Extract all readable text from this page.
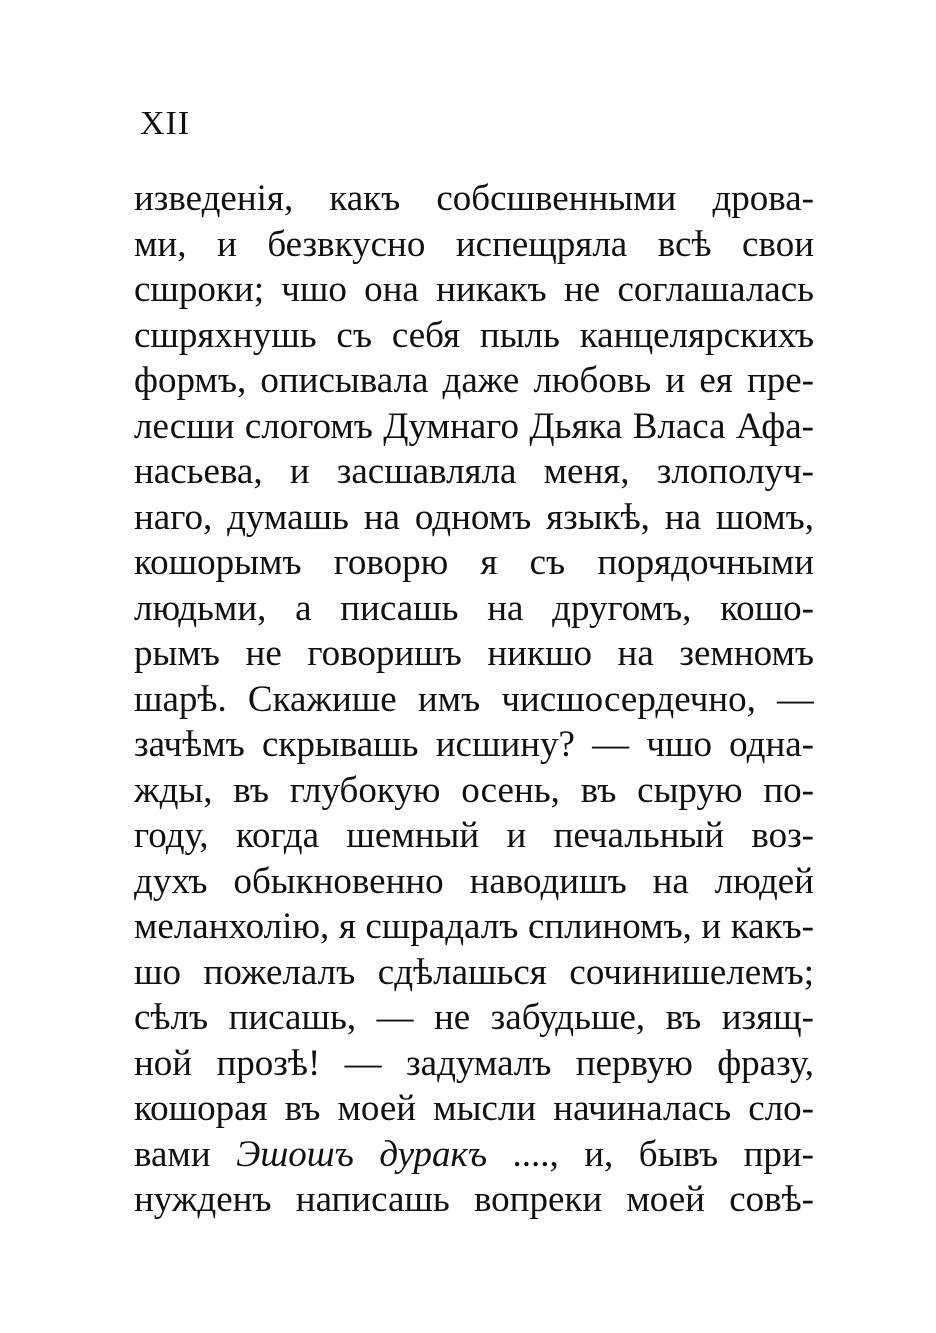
XII
изведенія, какъ собсшвенными дрова-
ми, и безвкусно испещряла всѣ свои
сшроки; чшо она никакъ не соглашалась
сшряхнушь съ себя пыль канцелярскихъ
формъ, описывала даже любовь и ея пре-
лесши слогомъ Думнаго Дьяка Власа Афа-
насьева, и засшавляла меня, злополуч-
наго, думашь на одномъ языкѣ, на шомъ,
кошорымъ говорю я съ порядочными
людьми, а писашь на другомъ, кошо-
рымъ не говоришъ никшо на земномъ
шарѣ. Скажише имъ чисшосердечно, —
зачѣмъ скрывашь исшину? — чшо одна-
жды, въ глубокую осень, въ сырую по-
году, когда шемный и печальный воз-
духъ обыкновенно наводишъ на людей
меланхолію, я сшрадалъ сплиномъ, и какъ-
шо пожелалъ сдѣлашься сочинишелемъ;
сѣлъ писашь, — не забудьше, въ изящ-
ной прозѣ! — задумалъ первую фразу,
кошорая въ моей мысли начиналась сло-
вами Эшошъ дуракъ ...., и, бывъ при-
нужденъ написашь вопреки моей совѣ-
